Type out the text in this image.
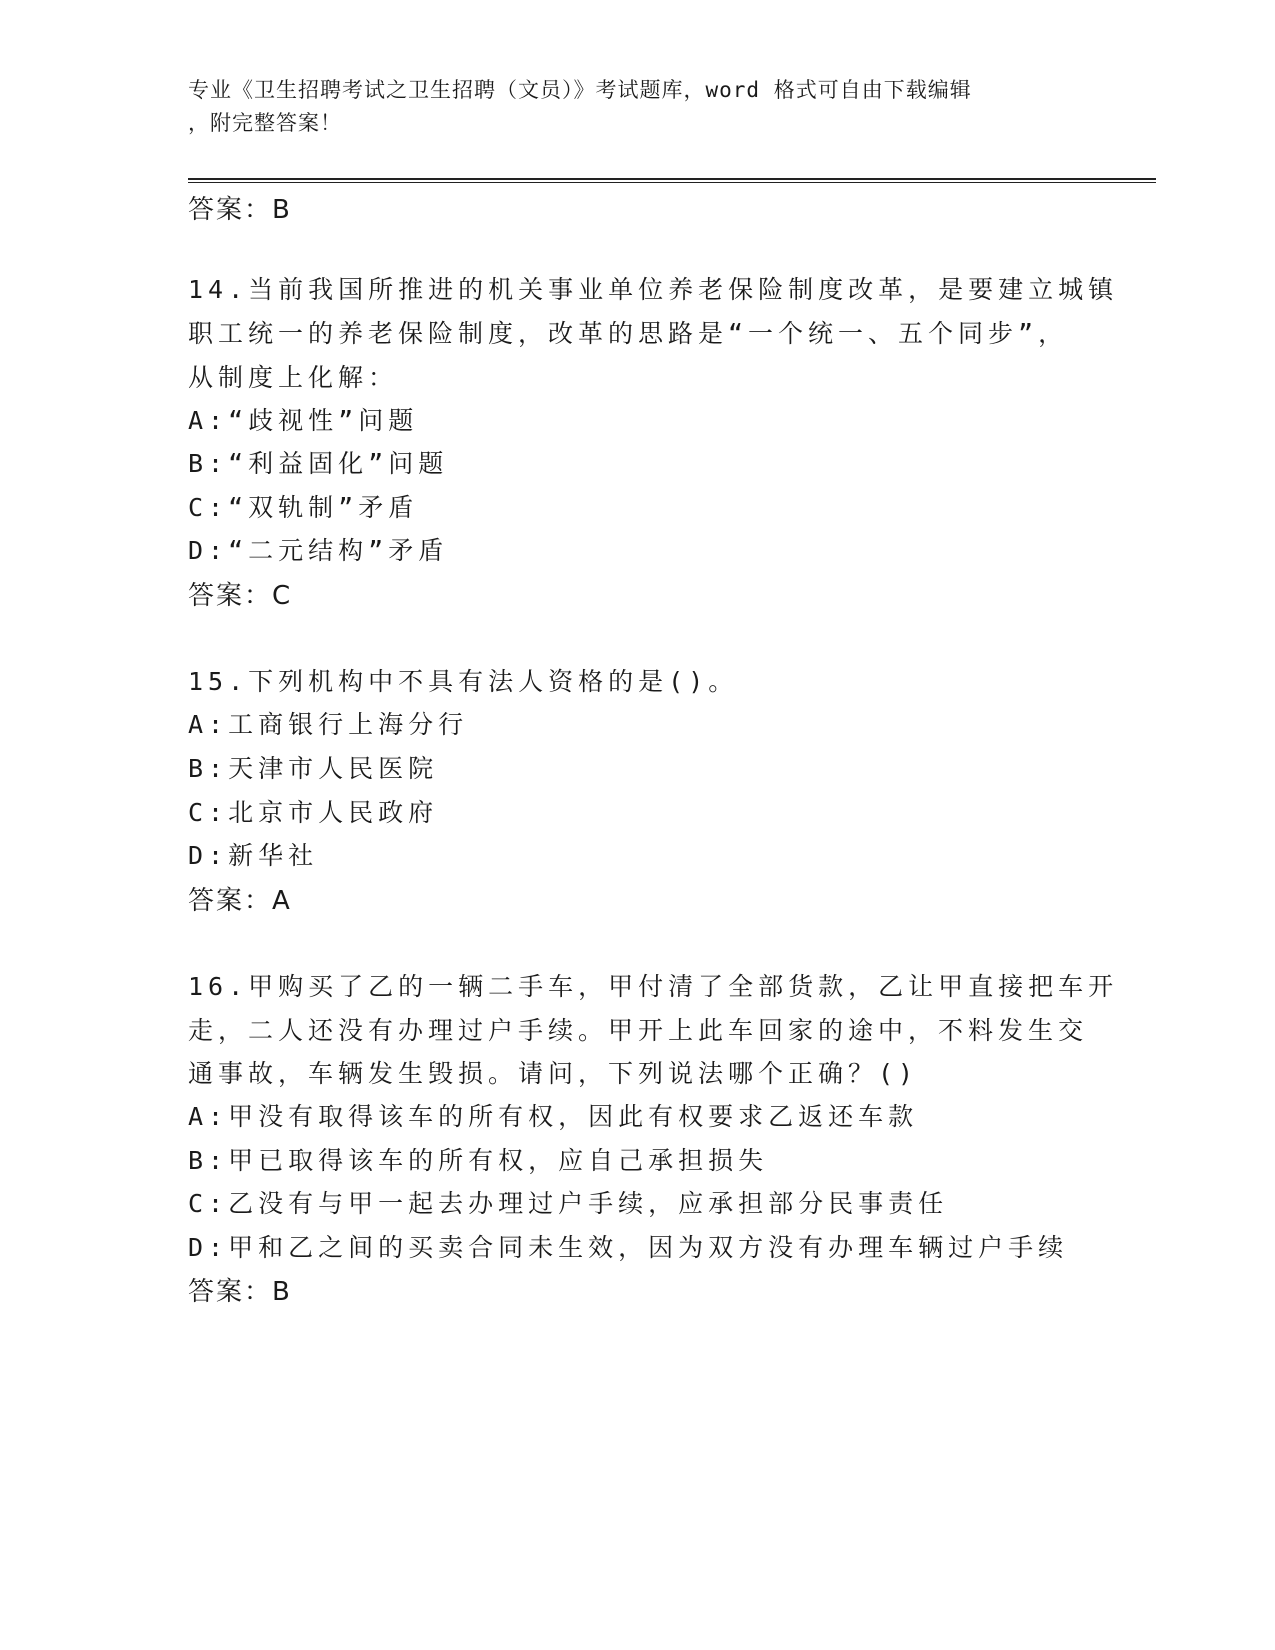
专业《卫生招聘考试之卫生招聘（文员）》考试题库，word 格式可自由下载编辑
，附完整答案！
答案：B
14.当前我国所推进的机关事业单位养老保险制度改革，是要建立城镇
职工统一的养老保险制度，改革的思路是“一个统一、五个同步”，
从制度上化解：
A:“歧视性”问题
B:“利益固化”问题
C:“双轨制”矛盾
D:“二元结构”矛盾
答案：C
15.下列机构中不具有法人资格的是()。
A:工商银行上海分行
B:天津市人民医院
C:北京市人民政府
D:新华社
答案：A
16.甲购买了乙的一辆二手车，甲付清了全部货款，乙让甲直接把车开
走，二人还没有办理过户手续。甲开上此车回家的途中，不料发生交
通事故，车辆发生毁损。请问，下列说法哪个正确？()
A:甲没有取得该车的所有权，因此有权要求乙返还车款
B:甲已取得该车的所有权，应自己承担损失
C:乙没有与甲一起去办理过户手续，应承担部分民事责任
D:甲和乙之间的买卖合同未生效，因为双方没有办理车辆过户手续
答案：B
